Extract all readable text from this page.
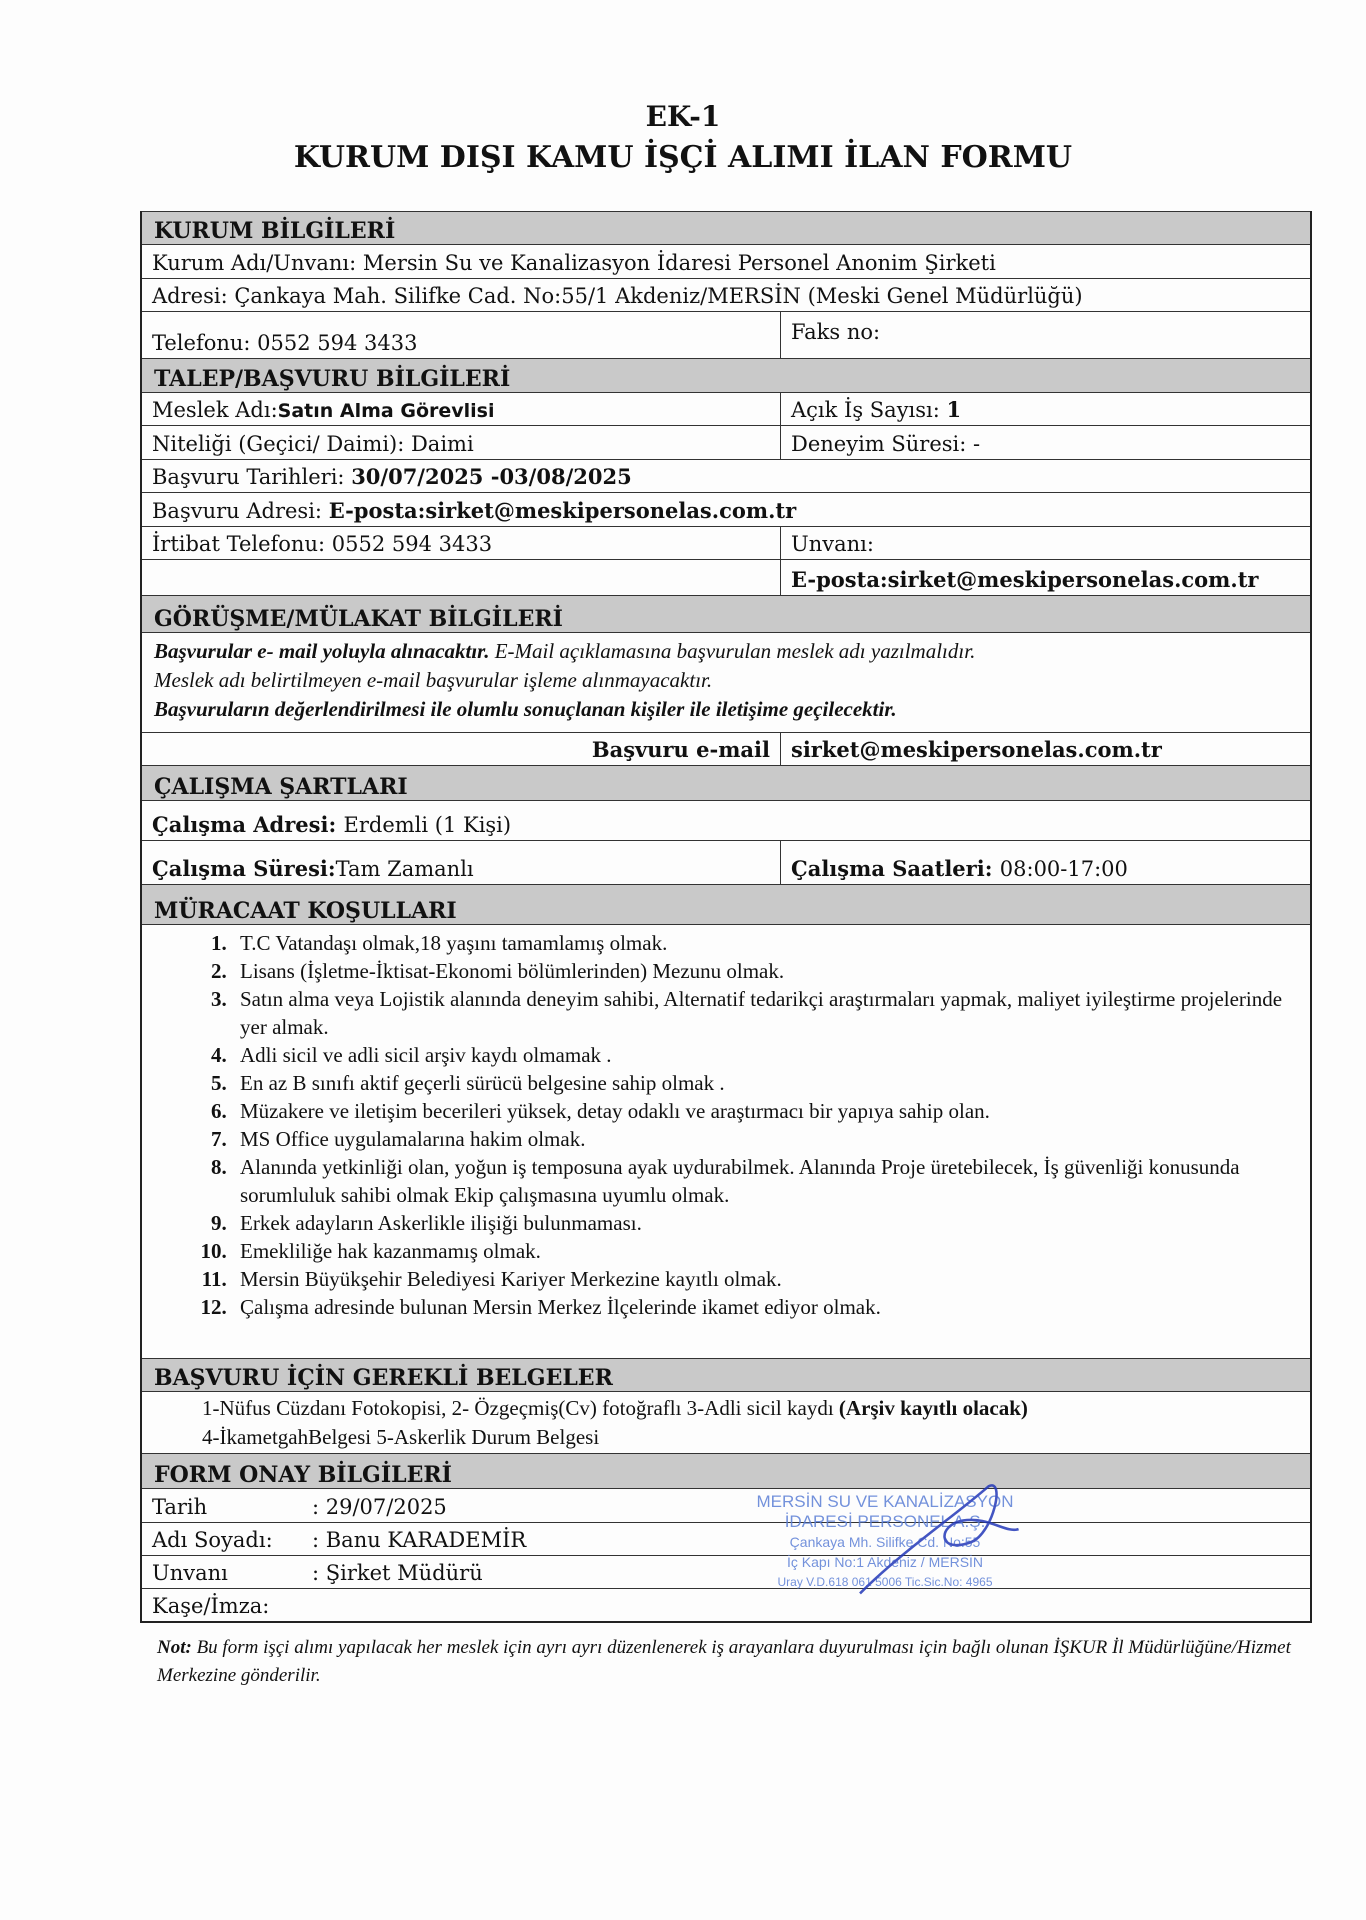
EK-1
KURUM DIŞI KAMU İŞÇİ ALIMI İLAN FORMU
KURUM BİLGİLERİ
Kurum Adı/Unvanı: Mersin Su ve Kanalizasyon İdaresi Personel Anonim Şirketi
Adresi: Çankaya Mah. Silifke Cad. No:55/1 Akdeniz/MERSİN (Meski Genel Müdürlüğü)
Telefonu: 0552 594 3433	Faks no:
TALEP/BAŞVURU BİLGİLERİ
Meslek Adı: Satın Alma Görevlisi	Açık İş Sayısı: 1
Niteliği (Geçici/ Daimi): Daimi	Deneyim Süresi: -
Başvuru Tarihleri: 30/07/2025 -03/08/2025
Başvuru Adresi: E-posta:sirket@meskipersonelas.com.tr
İrtibat Telefonu: 0552 594 3433	Unvanı:
E-posta:sirket@meskipersonelas.com.tr
GÖRÜŞME/MÜLAKAT BİLGİLERİ
Başvurular e- mail yoluyla alınacaktır. E-Mail açıklamasına başvurulan meslek adı yazılmalıdır.
Meslek adı belirtilmeyen e-mail başvurular işleme alınmayacaktır.
Başvuruların değerlendirilmesi ile olumlu sonuçlanan kişiler ile iletişime geçilecektir.
Başvuru e-mail	sirket@meskipersonelas.com.tr
ÇALIŞMA ŞARTLARI
Çalışma Adresi: Erdemli (1 Kişi)
Çalışma Süresi: Tam Zamanlı	Çalışma Saatleri: 08:00-17:00
MÜRACAAT KOŞULLARI
1. T.C Vatandaşı olmak,18 yaşını tamamlamış olmak.
2. Lisans (İşletme-İktisat-Ekonomi bölümlerinden) Mezunu olmak.
3. Satın alma veya Lojistik alanında deneyim sahibi, Alternatif tedarikçi araştırmaları yapmak, maliyet iyileştirme projelerinde yer almak.
4. Adli sicil ve adli sicil arşiv kaydı olmamak .
5. En az B sınıfı aktif geçerli sürücü belgesine sahip olmak .
6. Müzakere ve iletişim becerileri yüksek, detay odaklı ve araştırmacı bir yapıya sahip olan.
7. MS Office uygulamalarına hakim olmak.
8. Alanında yetkinliği olan, yoğun iş temposuna ayak uydurabilmek. Alanında Proje üretebilecek, İş güvenliği konusunda sorumluluk sahibi olmak Ekip çalışmasına uyumlu olmak.
9. Erkek adayların Askerlikle ilişiği bulunmaması.
10. Emekliliğe hak kazanmamış olmak.
11. Mersin Büyükşehir Belediyesi Kariyer Merkezine kayıtlı olmak.
12. Çalışma adresinde bulunan Mersin Merkez İlçelerinde ikamet ediyor olmak.
BAŞVURU İÇİN GEREKLİ BELGELER
1-Nüfus Cüzdanı Fotokopisi, 2- Özgeçmiş(Cv) fotoğraflı 3-Adli sicil kaydı (Arşiv kayıtlı olacak)
4-İkametgahBelgesi 5-Askerlik Durum Belgesi
FORM ONAY BİLGİLERİ
Tarih	: 29/07/2025
Adı Soyadı: : Banu KARADEMİR
Unvanı	: Şirket Müdürü
Kaşe/İmza:
MERSİN SU VE KANALİZASYON
İDARESİ PERSONEL A.Ş.
Çankaya Mh. Silifke Cd. No:55
İç Kapı No:1 Akdeniz / MERSİN
Uray V.D.618 061 5006 Tic.Sic.No: 4965
Not: Bu form işçi alımı yapılacak her meslek için ayrı ayrı düzenlenerek iş arayanlara duyurulması için bağlı olunan İŞKUR İl Müdürlüğüne/Hizmet Merkezine gönderilir.
